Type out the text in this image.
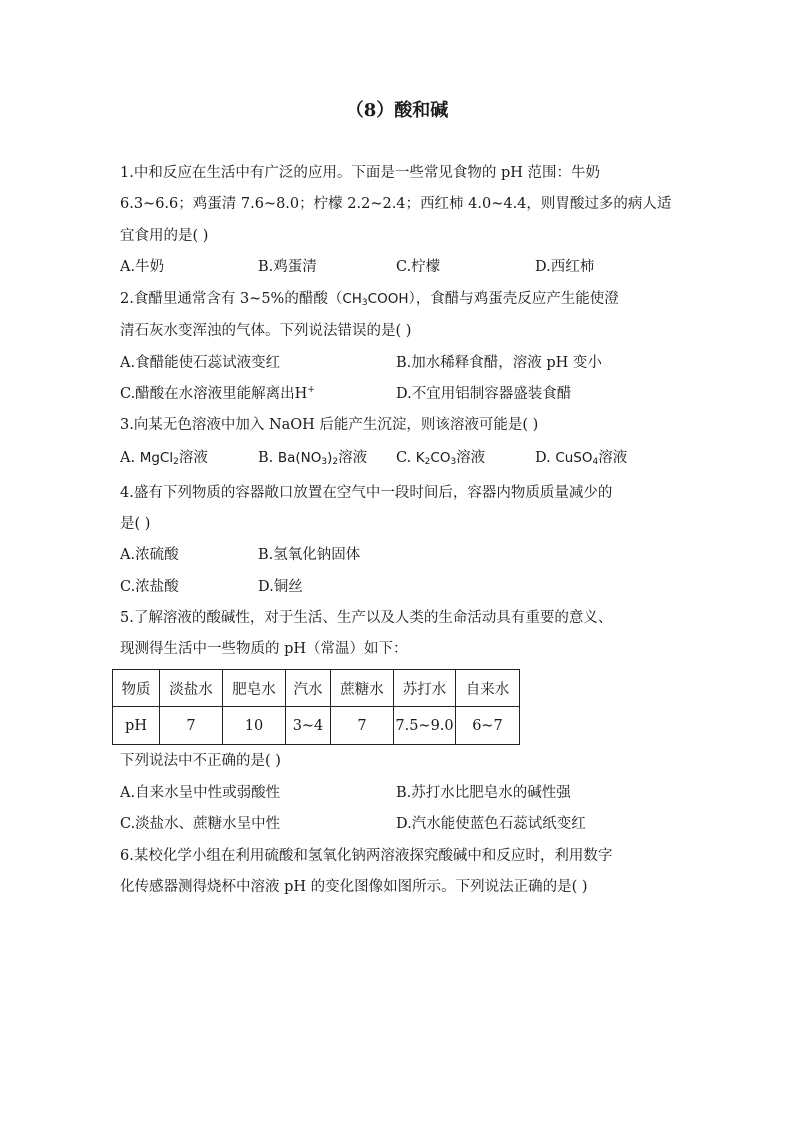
（8）酸和碱
1.中和反应在生活中有广泛的应用。下面是一些常见食物的 pH 范围：牛奶
6.3~6.6；鸡蛋清 7.6~8.0；柠檬 2.2~2.4；西红柿 4.0~4.4，则胃酸过多的病人适
宜食用的是( )
A.牛奶	B.鸡蛋清	C.柠檬	D.西红柿
2.食醋里通常含有 3~5%的醋酸$(CH_3COOH)$，食醋与鸡蛋壳反应产生能使澄
清石灰水变浑浊的气体。下列说法错误的是( )
A.食醋能使石蕊试液变红	B.加水稀释食醋，溶液 pH 变小
C.醋酸在水溶液里能解离出H+	D.不宜用铝制容器盛装食醋
3.向某无色溶液中加入 NaOH 后能产生沉淀，则该溶液可能是( )
A. MgCl$_2$溶液	B. $Ba(NO_3)_2$溶液 C. $K_2CO_3$溶液	D. CuSO$_4$溶液
4.盛有下列物质的容器敞口放置在空气中一段时间后，容器内物质质量减少的
是( )
A.浓硫酸	B.氢氧化钠固体
C.浓盐酸	D.铜丝
5.了解溶液的酸碱性，对于生活、生产以及人类的生命活动具有重要的意义、
现测得生活中一些物质的 pH（常温）如下：
物质	淡盐水	肥皂水	汽水	蔗糖水	苏打水	自来水
pH	7	10	3~4	7	7.5~9.0	6~7
下列说法中不正确的是( )
A.自来水呈中性或弱酸性	B.苏打水比肥皂水的碱性强
C.淡盐水、蔗糖水呈中性	D.汽水能使蓝色石蕊试纸变红
6.某校化学小组在利用硫酸和氢氧化钠两溶液探究酸碱中和反应时，利用数字
化传感器测得烧杯中溶液 pH 的变化图像如图所示。下列说法正确的是( )
